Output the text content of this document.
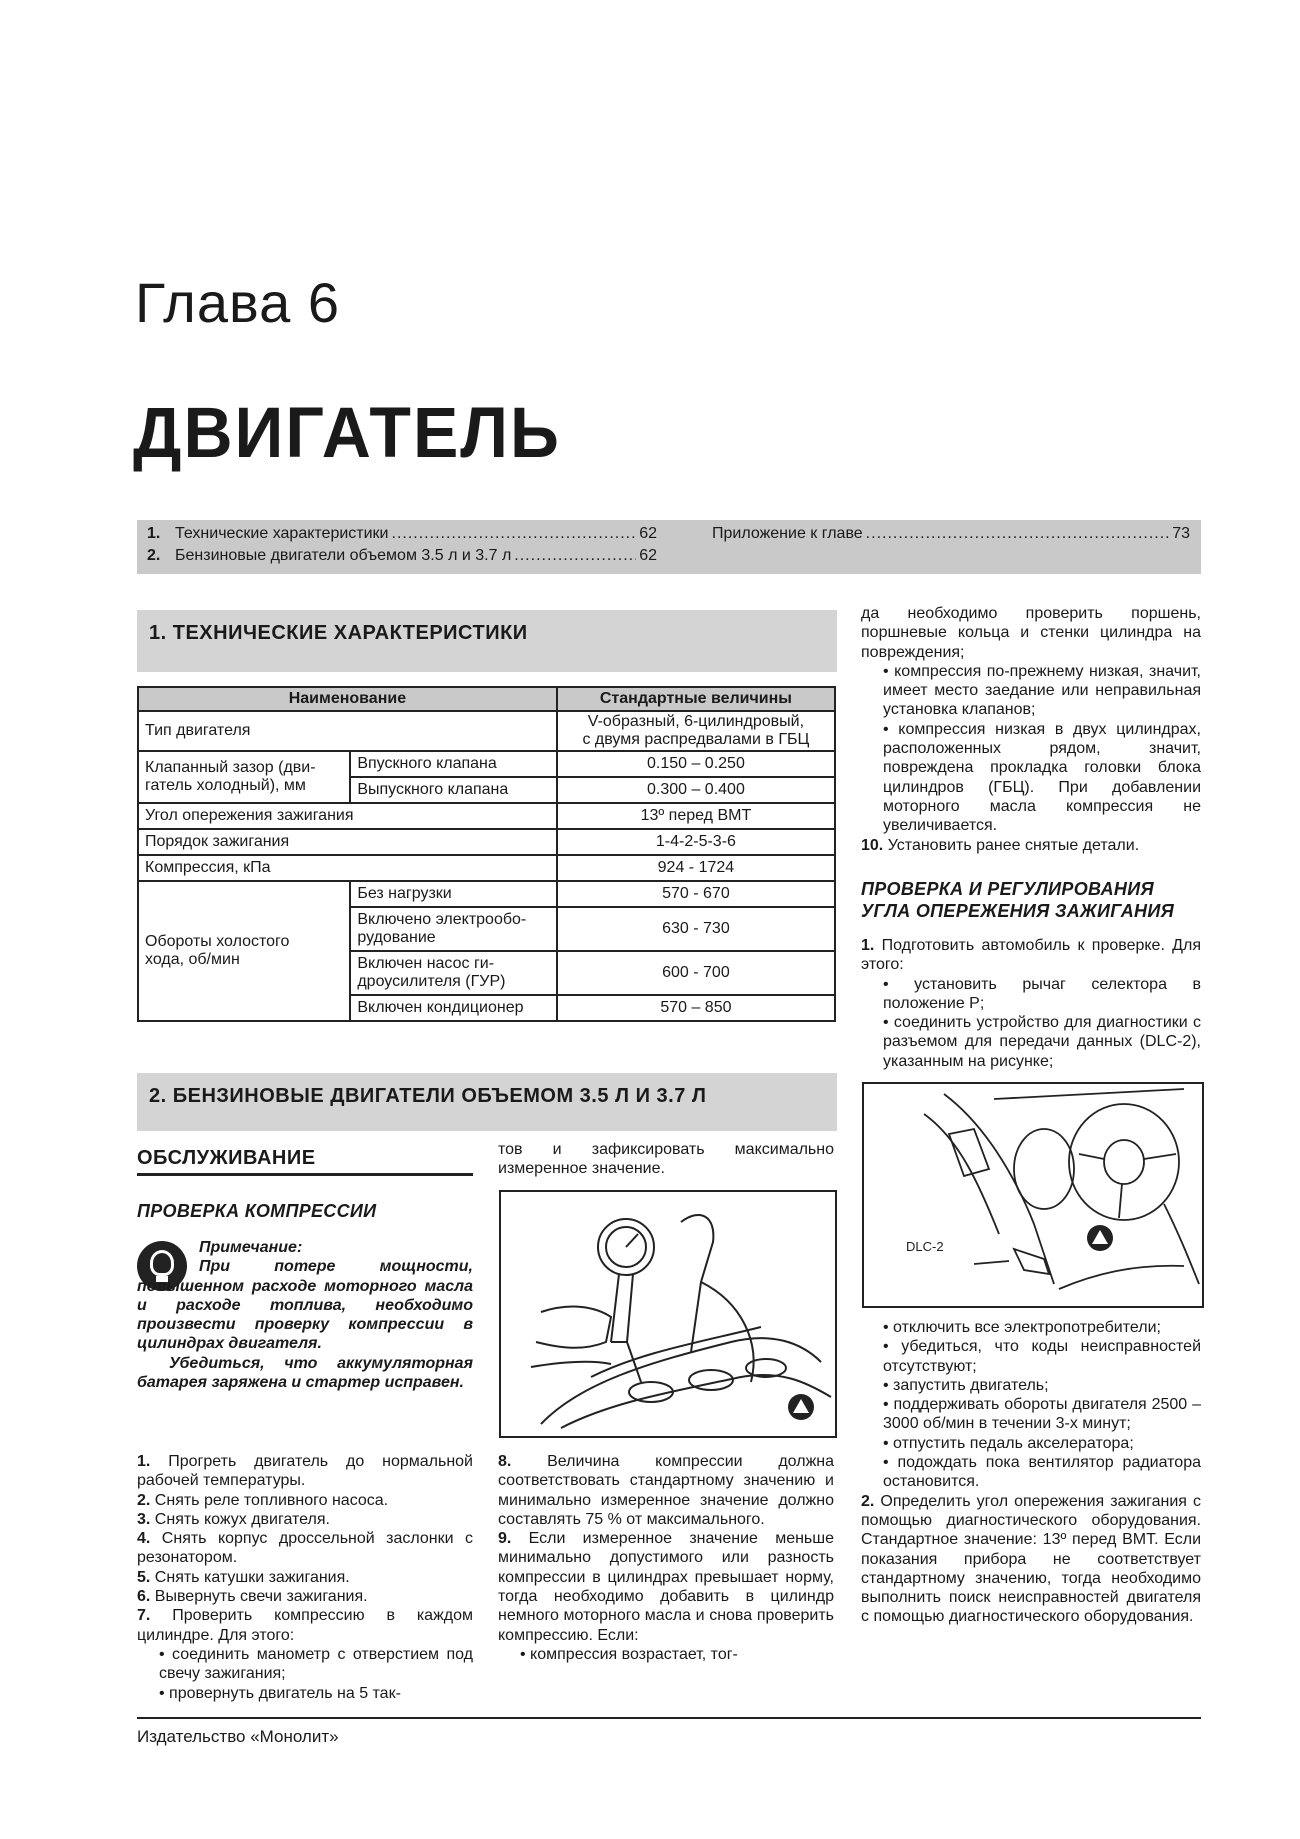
Глава 6
ДВИГАТЕЛЬ
1. Технические характеристики .....	62
2. Бензиновые двигатели объемом 3.5 л и 3.7 л .....	62
Приложение к главе .....	73
1. ТЕХНИЧЕСКИЕ ХАРАКТЕРИСТИКИ
Наименование		Стандартные величины
Тип двигателя		V-образный, 6-цилиндровый,
с двумя распредвалами в ГБЦ
Клапанный зазор (дви-
гатель холодный), мм	Впускного клапана	0.150 – 0.250
	Выпускного клапана	0.300 – 0.400
Угол опережения зажигания		13º перед ВМТ
Порядок зажигания		1-4-2-5-3-6
Компрессия, кПа		924 - 1724
Обороты холостого
хода, об/мин	Без нагрузки	570 - 670
	Включено электрообо-
рудование	630 - 730
	Включен насос ги-
дроусилителя (ГУР)	600 - 700
	Включен кондиционер	570 – 850
2. БЕНЗИНОВЫЕ ДВИГАТЕЛИ ОБЪЕМОМ 3.5 Л И 3.7 Л
ОБСЛУЖИВАНИЕ
ПРОВЕРКА КОМПРЕССИИ

Примечание:

При потере мощности, повышенном расходе моторного масла и расходе топлива, необходимо произвести проверку компрессии в цилиндрах двигателя.

Убедиться, что аккумуляторная батарея заряжена и стартер исправен.

1. Прогреть двигатель до нормальной рабочей температуры.

2. Снять реле топливного насоса.

3. Снять кожух двигателя.

4. Снять корпус дроссельной заслонки с резонатором.

5. Снять катушки зажигания.

6. Вывернуть свечи зажигания.

7. Проверить компрессию в каждом цилиндре. Для этого:

• соединить манометр с отверстием под свечу зажигания;

• провернуть двигатель на 5 так-

тов и зафиксировать максимально измеренное значение.

8. Величина компрессии должна соответствовать стандартному значению и минимально измеренное значение должно составлять 75 % от максимального.

9. Если измеренное значение меньше минимально допустимого или разность компрессии в цилиндрах превышает норму, тогда необходимо добавить в цилиндр немного моторного масла и снова проверить компрессию. Если:

• компрессия возрастает, тог-

да необходимо проверить поршень, поршневые кольца и стенки цилиндра на повреждения;

• компрессия по-прежнему низкая, значит, имеет место заедание или неправильная установка клапанов;

• компрессия низкая в двух цилиндрах, расположенных рядом, значит, повреждена прокладка головки блока цилиндров (ГБЦ). При добавлении моторного масла компрессия не увеличивается.

10. Установить ранее снятые детали.

ПРОВЕРКА И РЕГУЛИРОВАНИЯ
УГЛА ОПЕРЕЖЕНИЯ ЗАЖИГАНИЯ

1. Подготовить автомобиль к проверке. Для этого:

• установить рычаг селектора в положение P;

• соединить устройство для диагностики с разъемом для передачи данных (DLC-2), указанным на рисунке;

DLC-2

• отключить все электропотребители;

• убедиться, что коды неисправностей отсутствуют;

• запустить двигатель;

• поддерживать обороты двигателя 2500 – 3000 об/мин в течении 3-х минут;

• отпустить педаль акселератора;

• подождать пока вентилятор радиатора остановится.

2. Определить угол опережения зажигания с помощью диагностического оборудования. Стандартное значение: 13º перед ВМТ. Если показания прибора не соответствует стандартному значению, тогда необходимо выполнить поиск неисправностей двигателя с помощью диагностического оборудования.

Издательство «Монолит»
